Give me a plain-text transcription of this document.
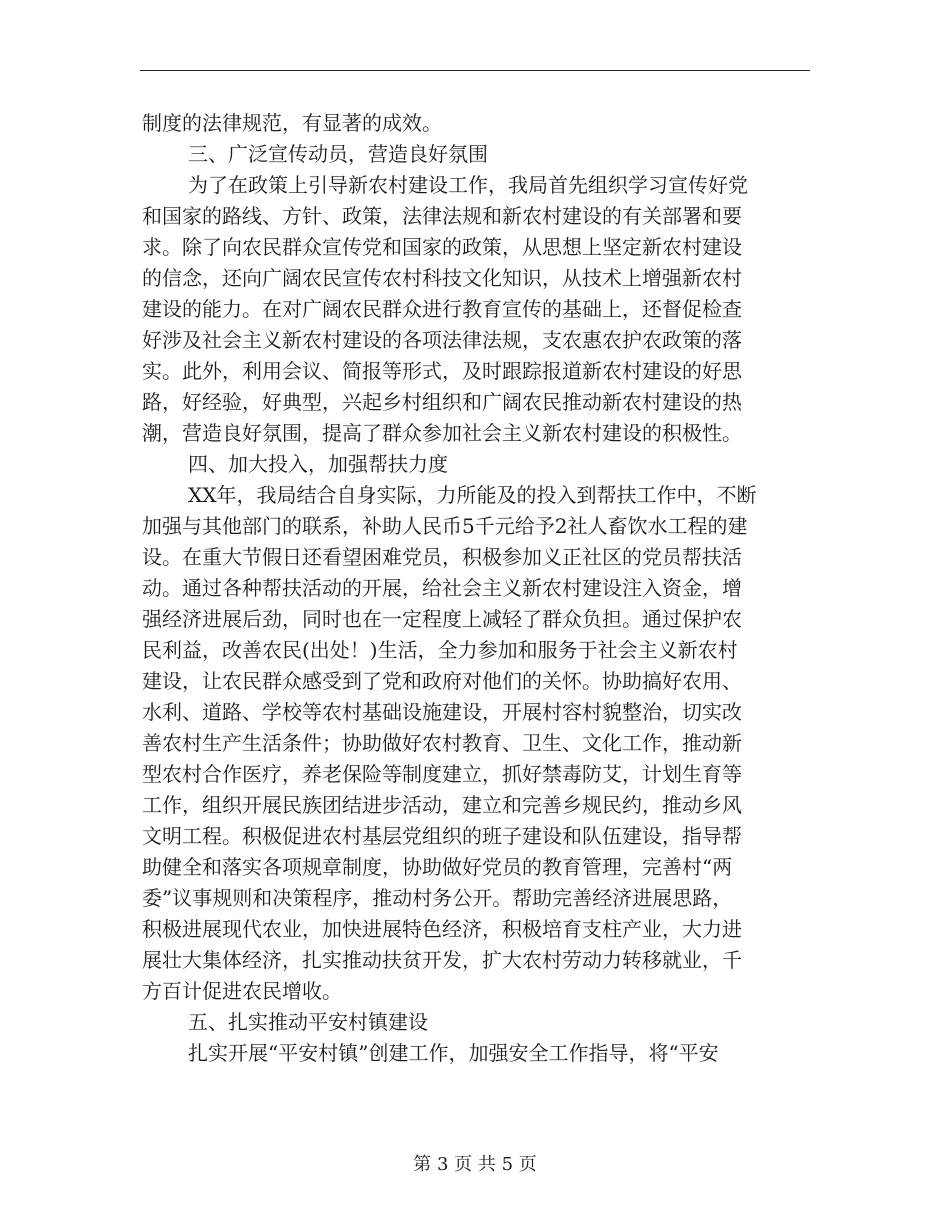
制度的法律规范，有显著的成效。
三、广泛宣传动员，营造良好氛围
为了在政策上引导新农村建设工作，我局首先组织学习宣传好党
和国家的路线、方针、政策，法律法规和新农村建设的有关部署和要
求。除了向农民群众宣传党和国家的政策，从思想上坚定新农村建设
的信念，还向广阔农民宣传农村科技文化知识，从技术上增强新农村
建设的能力。在对广阔农民群众进行教育宣传的基础上，还督促检查
好涉及社会主义新农村建设的各项法律法规，支农惠农护农政策的落
实。此外，利用会议、简报等形式，及时跟踪报道新农村建设的好思
路，好经验，好典型，兴起乡村组织和广阔农民推动新农村建设的热
潮，营造良好氛围，提高了群众参加社会主义新农村建设的积极性。
四、加大投入，加强帮扶力度
XX年，我局结合自身实际，力所能及的投入到帮扶工作中，不断
加强与其他部门的联系，补助人民币5千元给予2社人畜饮水工程的建
设。在重大节假日还看望困难党员，积极参加义正社区的党员帮扶活
动。通过各种帮扶活动的开展，给社会主义新农村建设注入资金，增
强经济进展后劲，同时也在一定程度上减轻了群众负担。通过保护农
民利益，改善农民(出处！)生活，全力参加和服务于社会主义新农村
建设，让农民群众感受到了党和政府对他们的关怀。协助搞好农用、
水利、道路、学校等农村基础设施建设，开展村容村貌整治，切实改
善农村生产生活条件；协助做好农村教育、卫生、文化工作，推动新
型农村合作医疗，养老保险等制度建立，抓好禁毒防艾，计划生育等
工作，组织开展民族团结进步活动，建立和完善乡规民约，推动乡风
文明工程。积极促进农村基层党组织的班子建设和队伍建设，指导帮
助健全和落实各项规章制度，协助做好党员的教育管理，完善村“两
委”议事规则和决策程序，推动村务公开。帮助完善经济进展思路，
积极进展现代农业，加快进展特色经济，积极培育支柱产业，大力进
展壮大集体经济，扎实推动扶贫开发，扩大农村劳动力转移就业，千
方百计促进农民增收。
五、扎实推动平安村镇建设
扎实开展“平安村镇”创建工作，加强安全工作指导，将“平安
第 3 页 共 5 页
